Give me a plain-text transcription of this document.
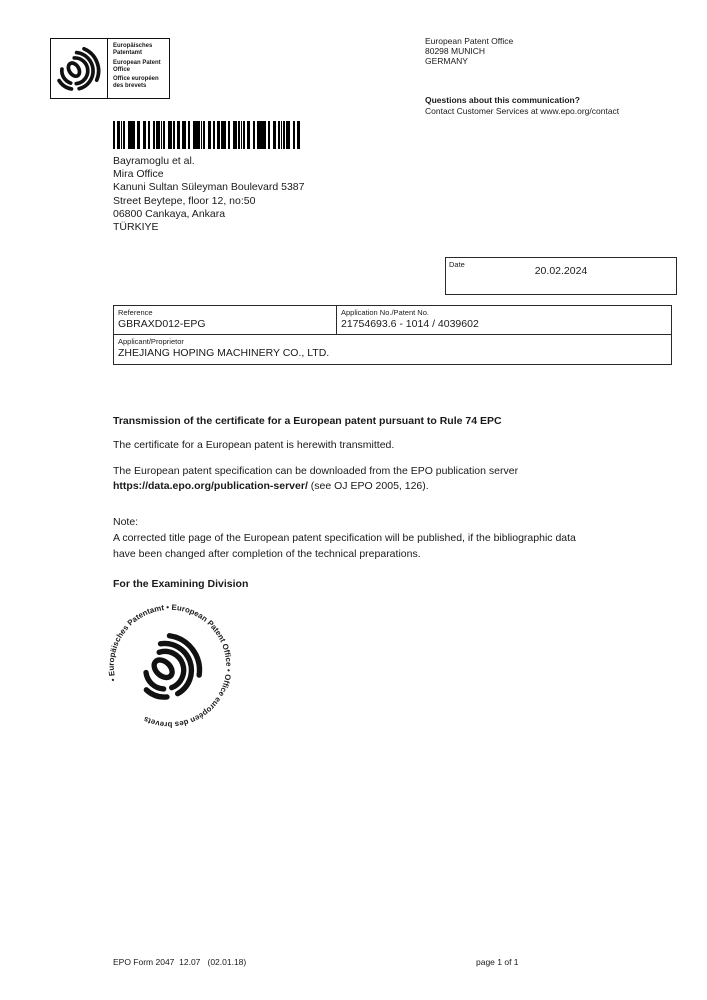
Europäisches Patentamt
European Patent Office
Office européen des brevets
European Patent Office
80298 MUNICH
GERMANY
Questions about this communication?
Contact Customer Services at www.epo.org/contact
Bayramoglu et al.
Mira Office
Kanuni Sultan Süleyman Boulevard 5387
Street Beytepe, floor 12, no:50
06800 Cankaya, Ankara
TÜRKIYE
Date
20.02.2024
Reference
GBRAXD012-EPG
Application No./Patent No.
21754693.6 - 1014 / 4039602
Applicant/Proprietor
ZHEJIANG HOPING MACHINERY CO., LTD.
Transmission of the certificate for a European patent pursuant to Rule 74 EPC
The certificate for a European patent is herewith transmitted.
The European patent specification can be downloaded from the EPO publication server
https://data.epo.org/publication-server/ (see OJ EPO 2005, 126).
Note:
A corrected title page of the European patent specification will be published, if the bibliographic data
have been changed after completion of the technical preparations.
For the Examining Division
• Europäisches Patentamt • European Patent Office • Office européen des brevets
EPO Form 2047  12.07   (02.01.18)	page 1 of 1
